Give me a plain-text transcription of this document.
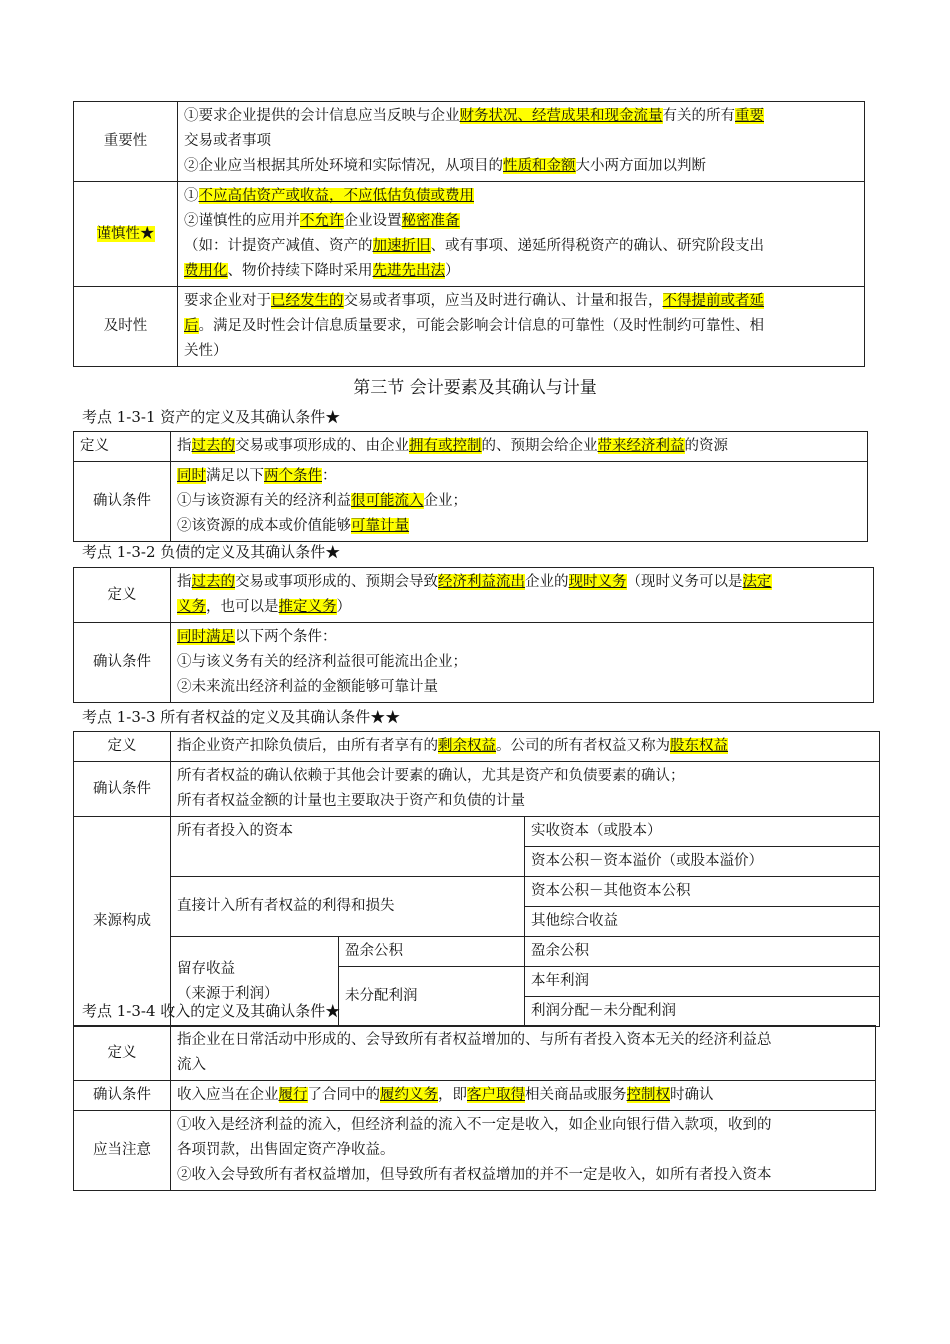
重要性	①要求企业提供的会计信息应当反映与企业财务状况、经营成果和现金流量有关的所有重要
交易或者事项
②企业应当根据其所处环境和实际情况，从项目的性质和金额大小两方面加以判断

谨慎性★	①不应高估资产或收益，不应低估负债或费用
②谨慎性的应用并不允许企业设置秘密准备
（如：计提资产减值、资产的加速折旧、或有事项、递延所得税资产的确认、研究阶段支出
费用化、物价持续下降时采用先进先出法）

及时性	要求企业对于已经发生的交易或者事项，应当及时进行确认、计量和报告，不得提前或者延
后。满足及时性会计信息质量要求，可能会影响会计信息的可靠性（及时性制约可靠性、相
关性）
第三节 会计要素及其确认与计量
考点 1-3-1 资产的定义及其确认条件★
定义	指过去的交易或事项形成的、由企业拥有或控制的、预期会给企业带来经济利益的资源

确认条件	同时满足以下两个条件：
①与该资源有关的经济利益很可能流入企业；
②该资源的成本或价值能够可靠计量
考点 1-3-2 负债的定义及其确认条件★
定义	指过去的交易或事项形成的、预期会导致经济利益流出企业的现时义务（现时义务可以是法定
义务，也可以是推定义务）

确认条件	同时满足以下两个条件：
①与该义务有关的经济利益很可能流出企业；
②未来流出经济利益的金额能够可靠计量
考点 1-3-3 所有者权益的定义及其确认条件★★
定义	指企业资产扣除负债后，由所有者享有的剩余权益。公司的所有者权益又称为股东权益		

确认条件	所有者权益的确认依赖于其他会计要素的确认，尤其是资产和负债要素的确认；
所有者权益金额的计量也主要取决于资产和负债的计量		

来源构成	所有者投入的资本		实收资本（或股本）
			资本公积－资本溢价（或股本溢价）
	直接计入所有者权益的利得和损失		资本公积－其他资本公积
			其他综合收益

	留存收益
（来源于利润）	盈余公积	盈余公积
		未分配利润	本年利润
			利润分配－未分配利润
考点 1-3-4 收入的定义及其确认条件★
定义	指企业在日常活动中形成的、会导致所有者权益增加的、与所有者投入资本无关的经济利益总
流入

确认条件	收入应当在企业履行了合同中的履约义务，即客户取得相关商品或服务控制权时确认

应当注意	①收入是经济利益的流入，但经济利益的流入不一定是收入，如企业向银行借入款项，收到的
各项罚款，出售固定资产净收益。
②收入会导致所有者权益增加，但导致所有者权益增加的并不一定是收入，如所有者投入资本
